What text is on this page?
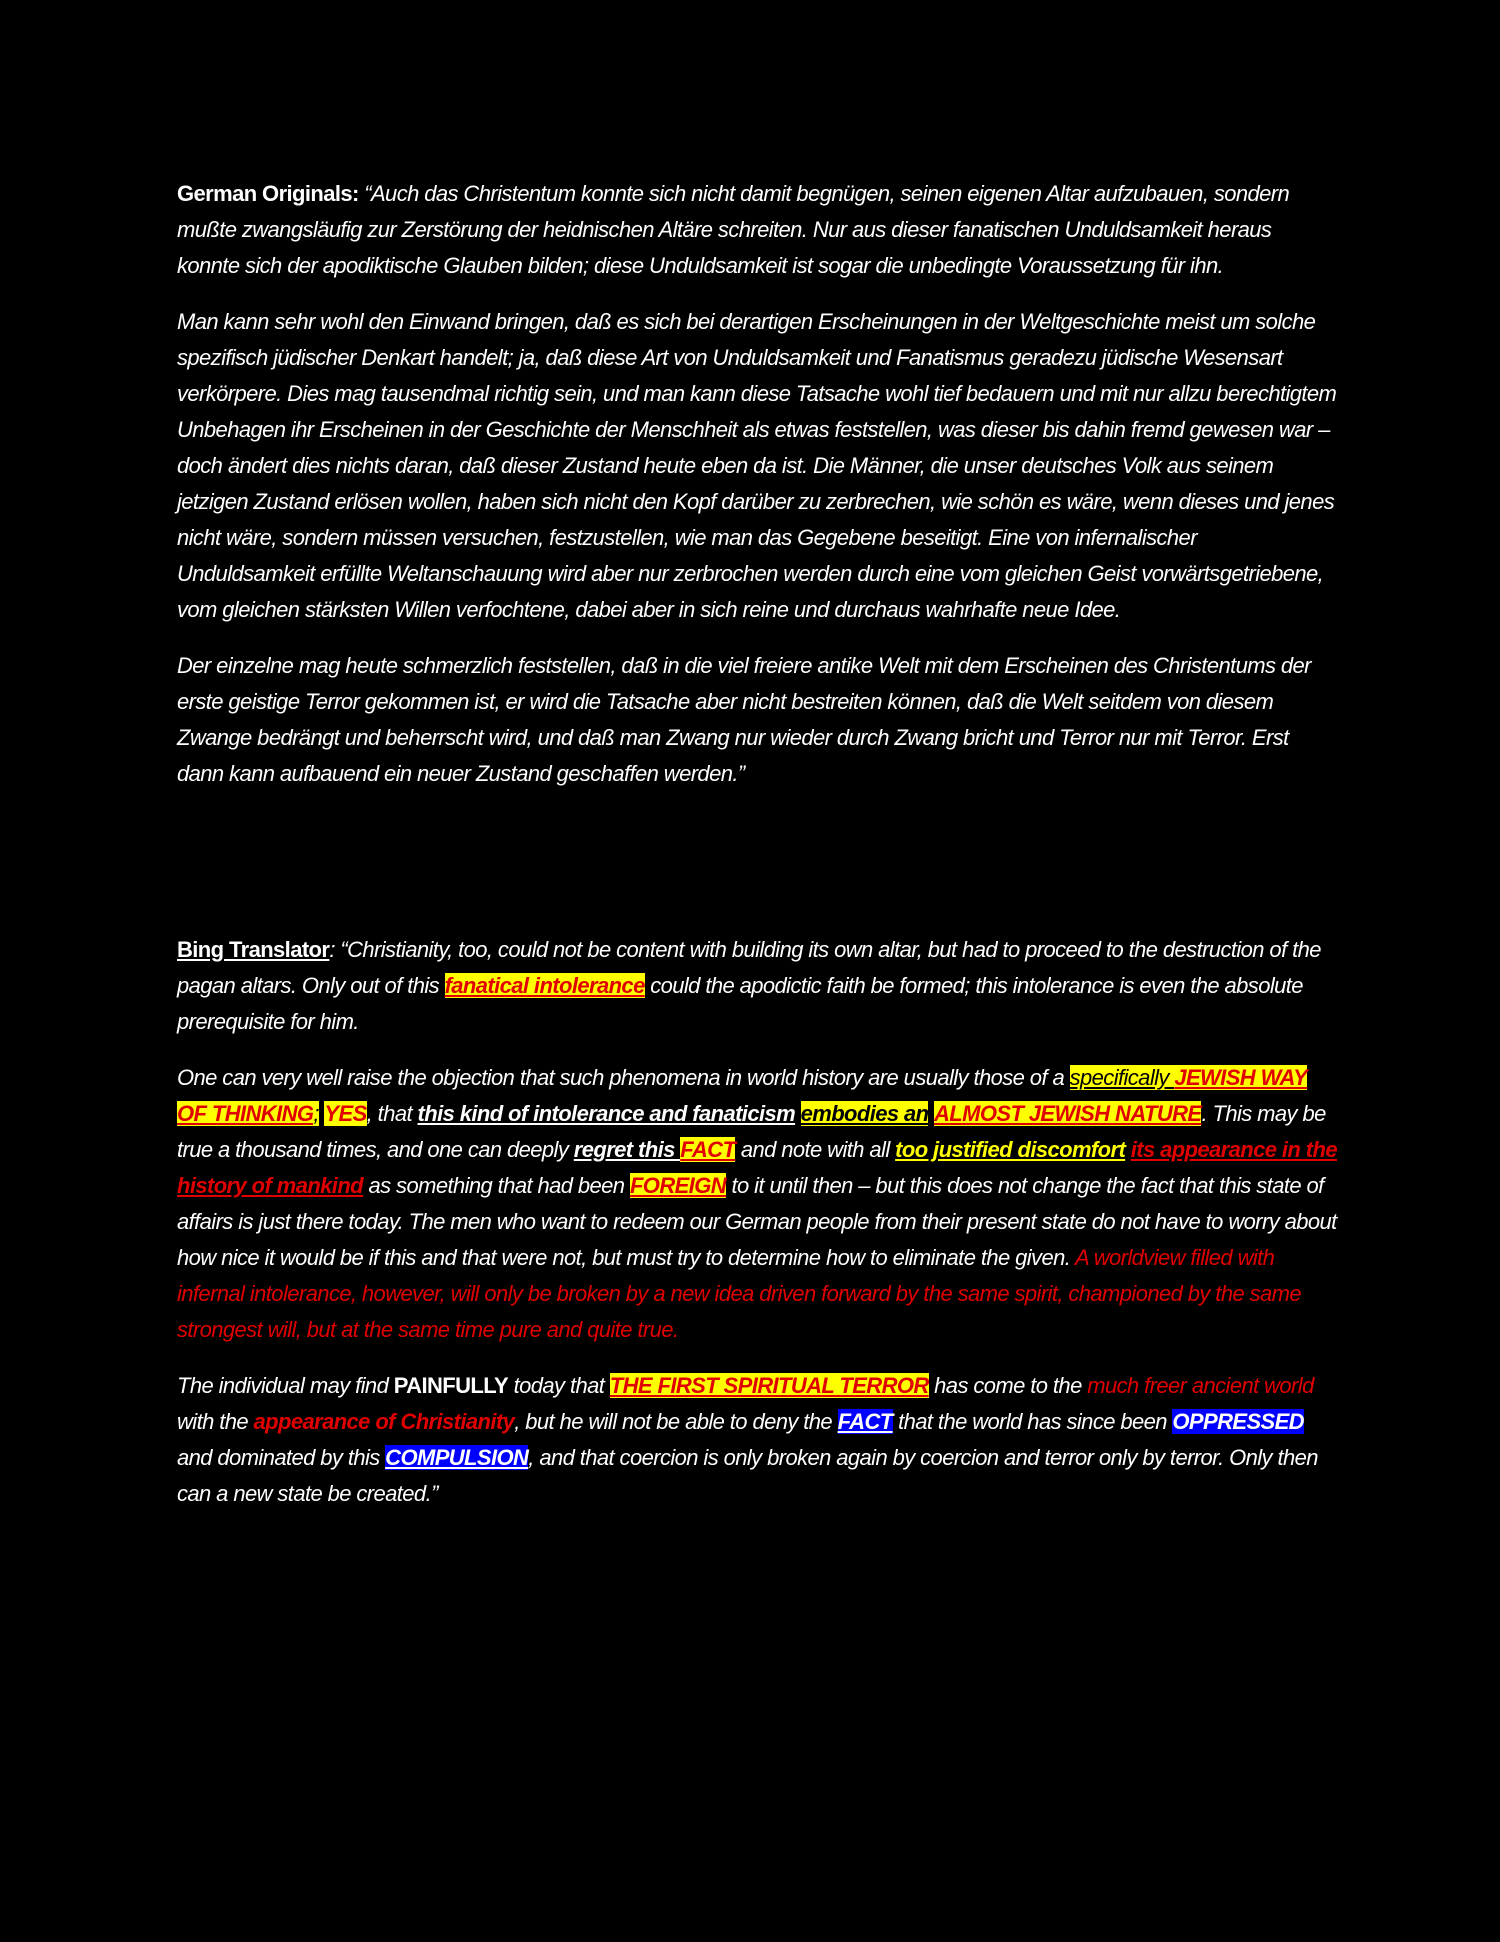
German Originals: “Auch das Christentum konnte sich nicht damit begnügen, seinen eigenen Altar aufzubauen, sondern mußte zwangsläufig zur Zerstörung der heidnischen Altäre schreiten. Nur aus dieser fanatischen Unduldsamkeit heraus konnte sich der apodiktische Glauben bilden; diese Unduldsamkeit ist sogar die unbedingte Voraussetzung für ihn.

Man kann sehr wohl den Einwand bringen, daß es sich bei derartigen Erscheinungen in der Weltgeschichte meist um solche spezifisch jüdischer Denkart handelt; ja, daß diese Art von Unduldsamkeit und Fanatismus geradezu jüdische Wesensart verkörpere. Dies mag tausendmal richtig sein, und man kann diese Tatsache wohl tief bedauern und mit nur allzu berechtigtem Unbehagen ihr Erscheinen in der Geschichte der Menschheit als etwas feststellen, was dieser bis dahin fremd gewesen war – doch ändert dies nichts daran, daß dieser Zustand heute eben da ist. Die Männer, die unser deutsches Volk aus seinem jetzigen Zustand erlösen wollen, haben sich nicht den Kopf darüber zu zerbrechen, wie schön es wäre, wenn dieses und jenes nicht wäre, sondern müssen versuchen, festzustellen, wie man das Gegebene beseitigt. Eine von infernalischer Unduldsamkeit erfüllte Weltanschauung wird aber nur zerbrochen werden durch eine vom gleichen Geist vorwärtsgetriebene, vom gleichen stärksten Willen verfochtene, dabei aber in sich reine und durchaus wahrhafte neue Idee.

Der einzelne mag heute schmerzlich feststellen, daß in die viel freiere antike Welt mit dem Erscheinen des Christentums der erste geistige Terror gekommen ist, er wird die Tatsache aber nicht bestreiten können, daß die Welt seitdem von diesem Zwange bedrängt und beherrscht wird, und daß man Zwang nur wieder durch Zwang bricht und Terror nur mit Terror. Erst dann kann aufbauend ein neuer Zustand geschaffen werden.”

Bing Translator: “Christianity, too, could not be content with building its own altar, but had to proceed to the destruction of the pagan altars. Only out of this fanatical intolerance could the apodictic faith be formed; this intolerance is even the absolute prerequisite for him.

One can very well raise the objection that such phenomena in world history are usually those of a specifically JEWISH WAY OF THINKING; YES, that this kind of intolerance and fanaticism embodies an ALMOST JEWISH NATURE. This may be true a thousand times, and one can deeply regret this FACT and note with all too justified discomfort its appearance in the history of mankind as something that had been FOREIGN to it until then – but this does not change the fact that this state of affairs is just there today. The men who want to redeem our German people from their present state do not have to worry about how nice it would be if this and that were not, but must try to determine how to eliminate the given. A worldview filled with infernal intolerance, however, will only be broken by a new idea driven forward by the same spirit, championed by the same strongest will, but at the same time pure and quite true.

The individual may find PAINFULLY today that THE FIRST SPIRITUAL TERROR has come to the much freer ancient world with the appearance of Christianity, but he will not be able to deny the FACT that the world has since been OPPRESSED and dominated by this COMPULSION, and that coercion is only broken again by coercion and terror only by terror. Only then can a new state be created.”
